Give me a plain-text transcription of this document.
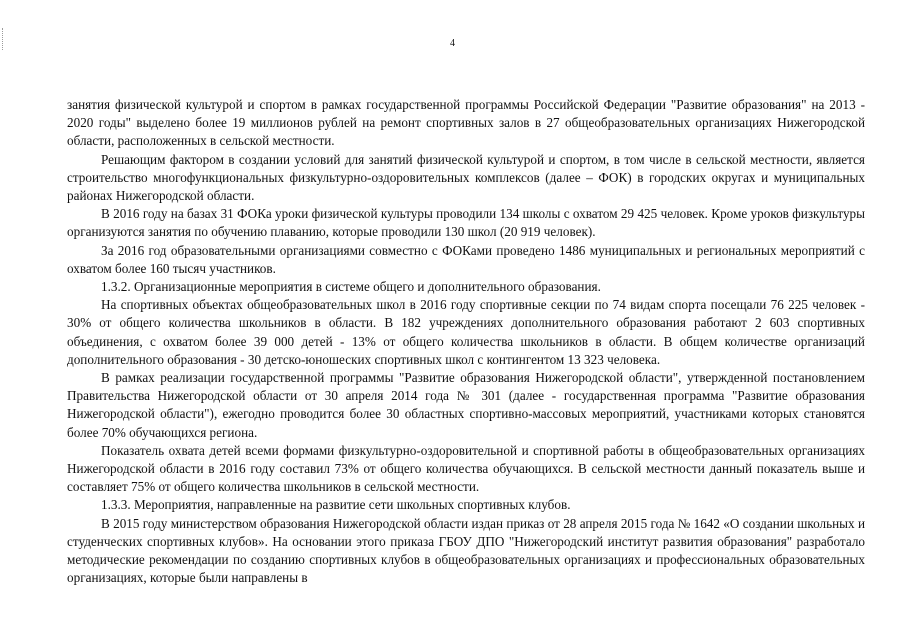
4

занятия физической культурой и спортом в рамках государственной программы Российской Федерации "Развитие образования" на 2013 - 2020 годы" выделено более 19 миллионов рублей на ремонт спортивных залов в 27 общеобразовательных организациях Нижегородской области, расположенных в сельской местности.

Решающим фактором в создании условий для занятий физической культурой и спортом, в том числе в сельской местности, является строительство многофункциональных физкультурно-оздоровительных комплексов (далее – ФОК) в городских округах и муниципальных районах Нижегородской области.

В 2016 году на базах 31 ФОКа уроки физической культуры проводили 134 школы с охватом 29 425 человек. Кроме уроков физкультуры организуются занятия по обучению плаванию, которые проводили 130 школ (20 919 человек).

За 2016 год образовательными организациями совместно с ФОКами проведено 1486 муниципальных и региональных мероприятий с охватом более 160 тысяч участников.

1.3.2. Организационные мероприятия в системе общего и дополнительного образования.

На спортивных объектах общеобразовательных школ в 2016 году спортивные секции по 74 видам спорта посещали 76 225 человек - 30% от общего количества школьников в области. В 182 учреждениях дополнительного образования работают 2 603 спортивных объединения, с охватом более 39 000 детей - 13% от общего количества школьников в области. В общем количестве организаций дополнительного образования - 30 детско-юношеских спортивных школ с контингентом 13 323 человека.

В рамках реализации государственной программы "Развитие образования Нижегородской области", утвержденной постановлением Правительства Нижегородской области от 30 апреля 2014 года № 301 (далее - государственная программа "Развитие образования Нижегородской области"), ежегодно проводится более 30 областных спортивно-массовых мероприятий, участниками которых становятся более 70% обучающихся региона.

Показатель охвата детей всеми формами физкультурно-оздоровительной и спортивной работы в общеобразовательных организациях Нижегородской области в 2016 году составил 73% от общего количества обучающихся. В сельской местности данный показатель выше и составляет 75% от общего количества школьников в сельской местности.

1.3.3. Мероприятия, направленные на развитие сети школьных спортивных клубов.

В 2015 году министерством образования Нижегородской области издан приказ от 28 апреля 2015 года № 1642 «О создании школьных и студенческих спортивных клубов». На основании этого приказа ГБОУ ДПО "Нижегородский институт развития образования" разработало методические рекомендации по созданию спортивных клубов в общеобразовательных организациях и профессиональных образовательных организациях, которые были направлены в
